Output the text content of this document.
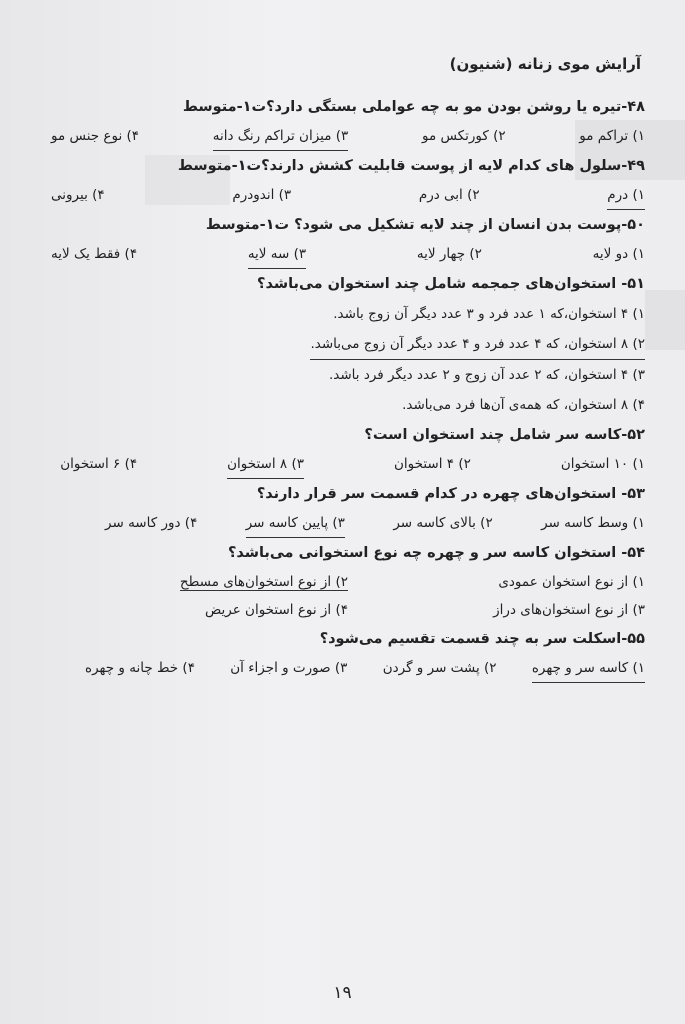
آرایش موی زنانه (شنیون)
۴۸-تیره یا روشن بودن مو به چه عواملی بستگی دارد؟ت۱-متوسط
۱) تراکم مو
۲) کورتکس مو
۳) میزان تراکم رنگ دانه
۴) نوع جنس مو
۴۹-سلول های کدام لایه از پوست قابلیت کشش دارند؟ت۱-متوسط
۱) درم
۲) ابی درم
۳) اندودرم
۴) بیرونی
۵۰-پوست بدن انسان از چند لایه تشکیل می شود؟ ت۱-متوسط
۱) دو لایه
۲) چهار لایه
۳) سه لایه
۴) فقط یک لایه
۵۱- استخوان‌های جمجمه شامل چند استخوان می‌باشد؟
۱) ۴ استخوان،که ۱ عدد فرد و ۳ عدد دیگر آن زوج باشد.
۲) ۸ استخوان، که ۴ عدد فرد و ۴ عدد دیگر آن زوج می‌باشد.
۳) ۴ استخوان، که ۲ عدد آن زوج و ۲ عدد دیگر فرد باشد.
۴) ۸ استخوان، که همه‌ی آن‌ها فرد می‌باشد.
۵۲-کاسه سر شامل چند استخوان است؟
۱) ۱۰ استخوان
۲) ۴ استخوان
۳) ۸ استخوان
۴) ۶ استخوان
۵۳- استخوان‌های چهره در کدام قسمت سر قرار دارند؟
۱) وسط کاسه سر
۲) بالای کاسه سر
۳) پایین کاسه سر
۴) دور کاسه سر
۵۴- استخوان کاسه سر و چهره چه نوع استخوانی می‌باشد؟
۱) از نوع استخوان عمودی
۲) از نوع استخوان‌های مسطح
۳) از نوع استخوان‌های دراز
۴) از نوع استخوان عریض
۵۵-اسکلت سر به چند قسمت تقسیم می‌شود؟
۱) کاسه سر و چهره
۲) پشت سر و گردن
۳) صورت و اجزاء آن
۴) خط چانه و چهره
۱۹
